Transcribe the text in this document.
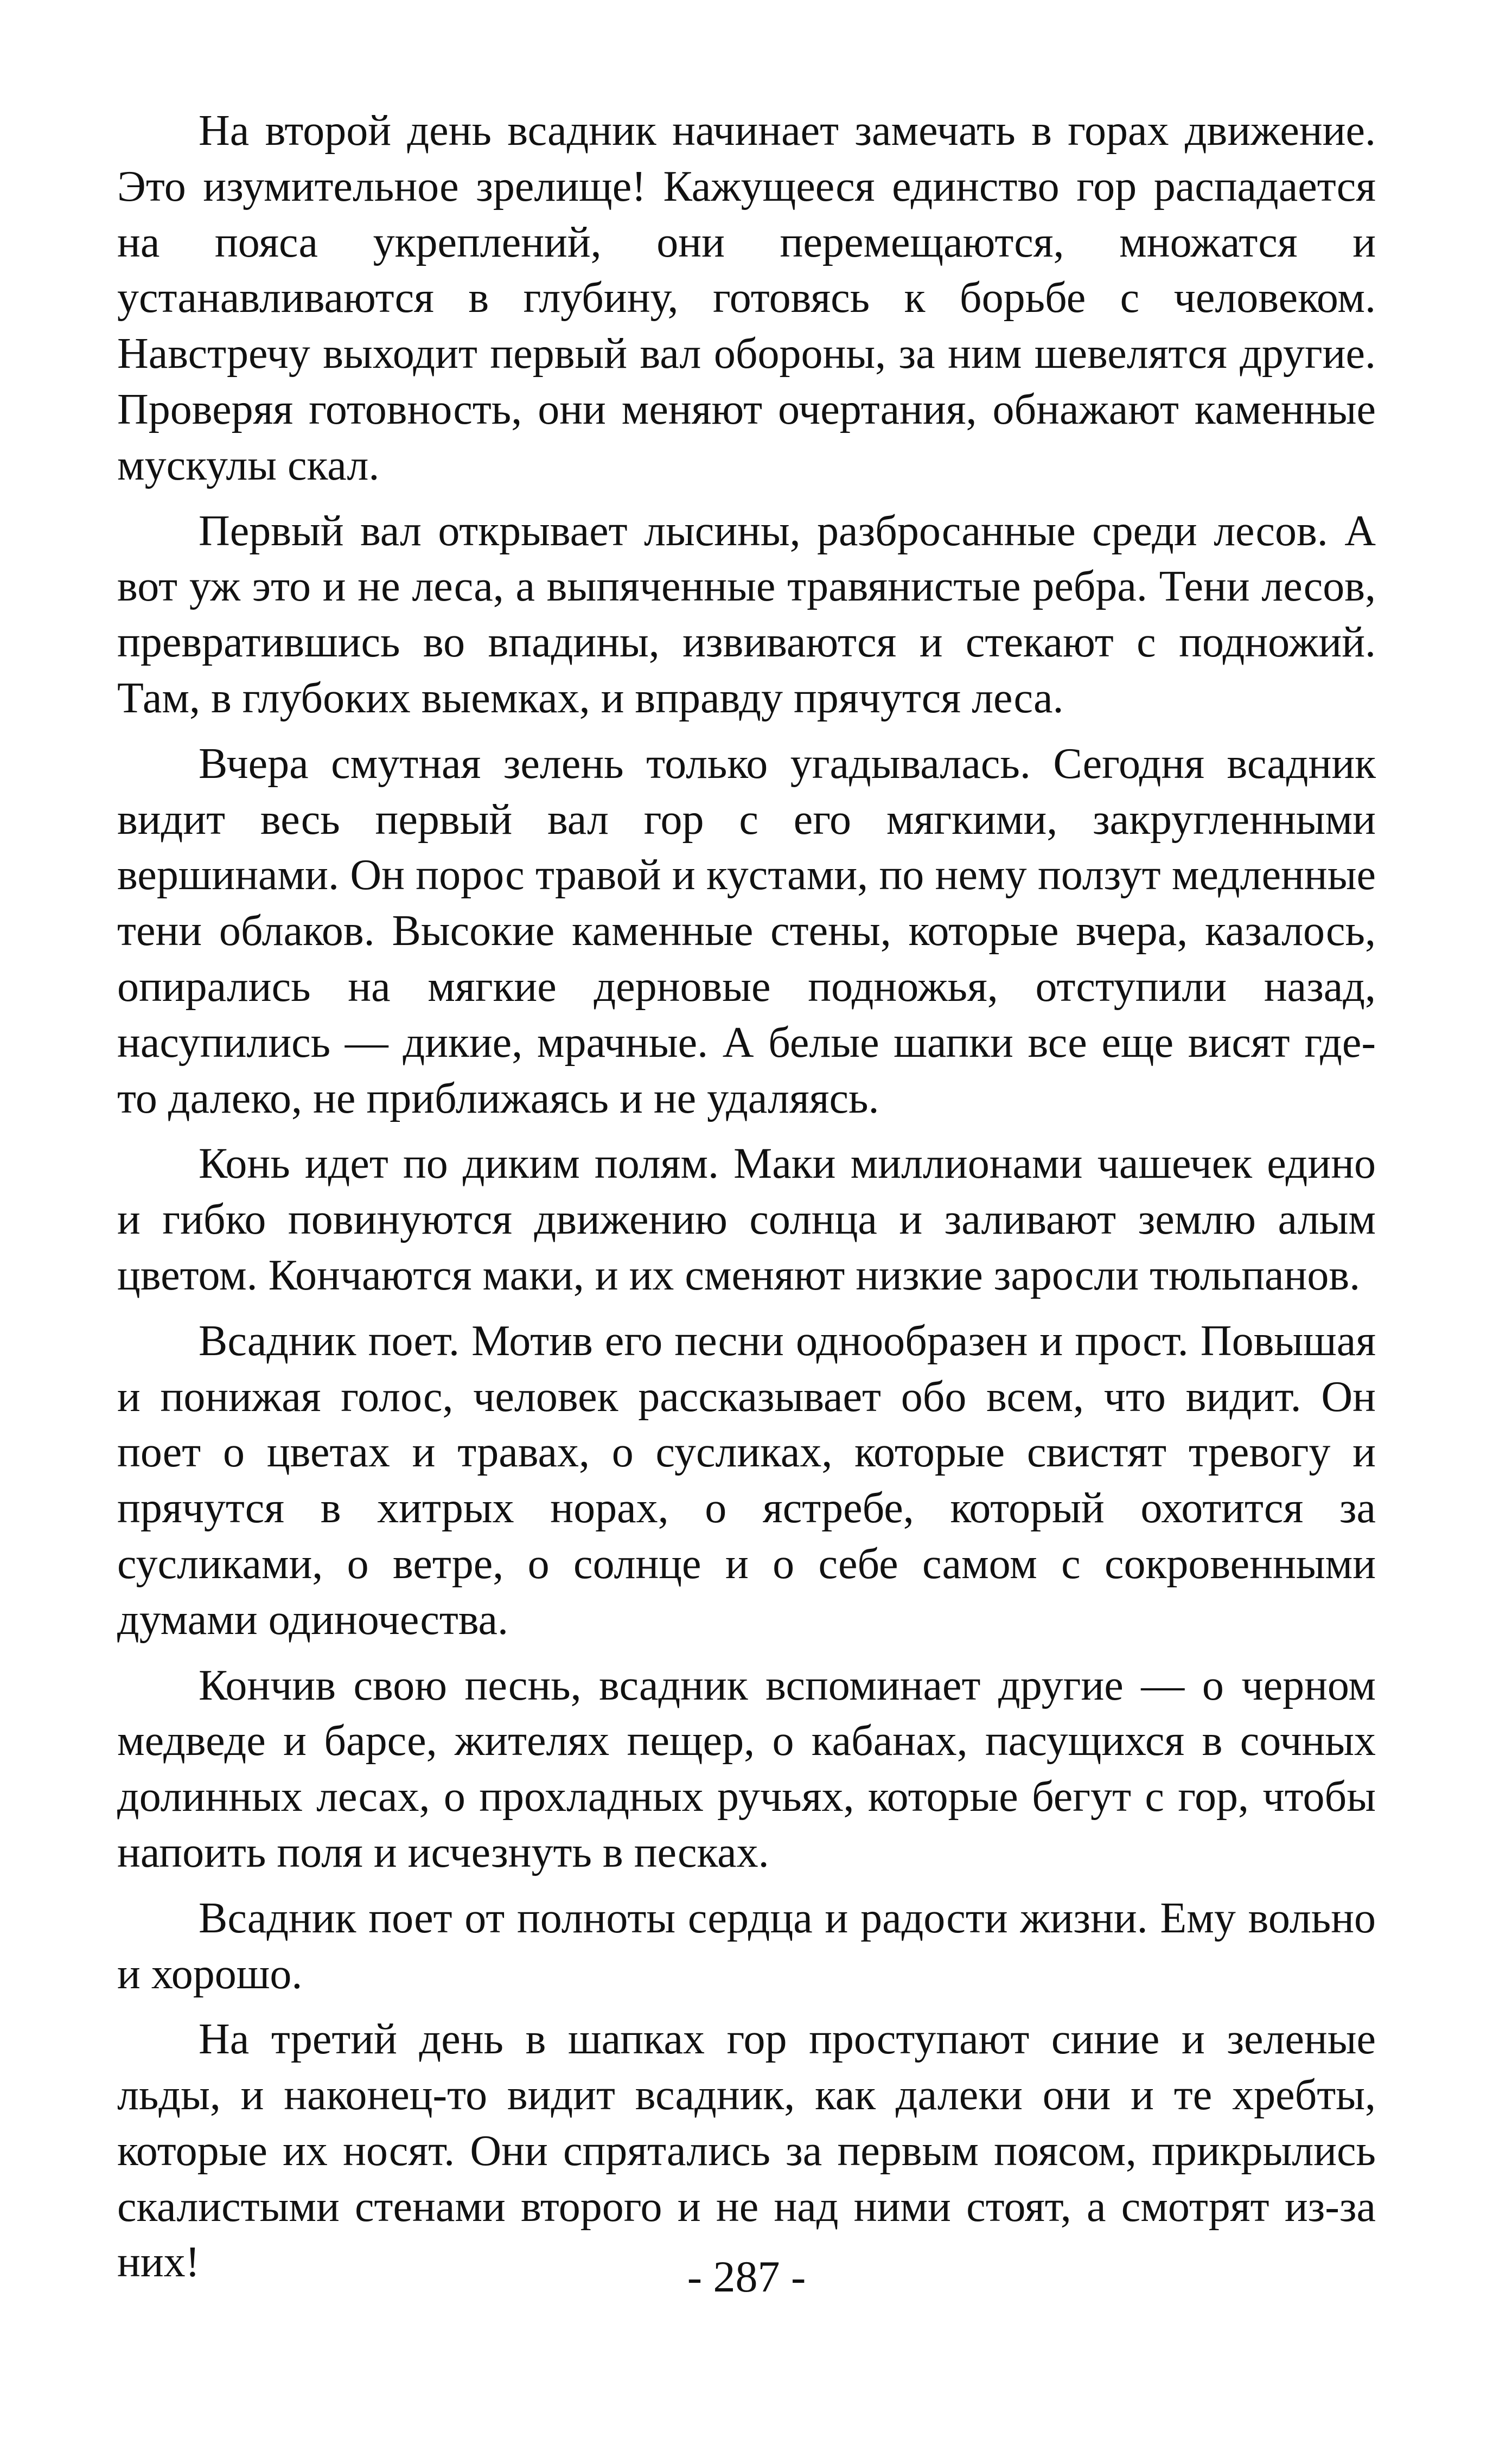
На второй день всадник начинает замечать в горах движение. Это изумительное зрелище! Кажущееся единство гор распадается на пояса укреплений, они перемещаются, множатся и устанавливаются в глубину, готовясь к борьбе с человеком. Навстречу выходит первый вал обороны, за ним шевелятся другие. Проверяя готовность, они меняют очертания, обнажают каменные мускулы скал.

Первый вал открывает лысины, разбросанные среди лесов. А вот уж это и не леса, а выпяченные травянистые ребра. Тени лесов, превратившись во впадины, извиваются и стекают с подножий. Там, в глубоких выемках, и вправду прячутся леса.

Вчера смутная зелень только угадывалась. Сегодня всадник видит весь первый вал гор с его мягкими, закругленными вершинами. Он порос травой и кустами, по нему ползут медленные тени облаков. Высокие каменные стены, которые вчера, казалось, опирались на мягкие дерновые подножья, отступили назад, насупились — дикие, мрачные. А белые шапки все еще висят где-то далеко, не приближаясь и не удаляясь.

Конь идет по диким полям. Маки миллионами чашечек едино и гибко повинуются движению солнца и заливают землю алым цветом. Кончаются маки, и их сменяют низкие заросли тюльпанов.

Всадник поет. Мотив его песни однообразен и прост. Повышая и понижая голос, человек рассказывает обо всем, что видит. Он поет о цветах и травах, о сусликах, которые свистят тревогу и прячутся в хитрых норах, о ястребе, который охотится за сусликами, о ветре, о солнце и о себе самом с сокровенными думами одиночества.

Кончив свою песнь, всадник вспоминает другие — о черном медведе и барсе, жителях пещер, о кабанах, пасущихся в сочных долинных лесах, о прохладных ручьях, которые бегут с гор, чтобы напоить поля и исчезнуть в песках.

Всадник поет от полноты сердца и радости жизни. Ему вольно и хорошо.

На третий день в шапках гор проступают синие и зеленые льды, и наконец-то видит всадник, как далеки они и те хребты, которые их носят. Они спрятались за первым поясом, прикрылись скалистыми стенами второго и не над ними стоят, а смотрят из-за них!	- 287 -
